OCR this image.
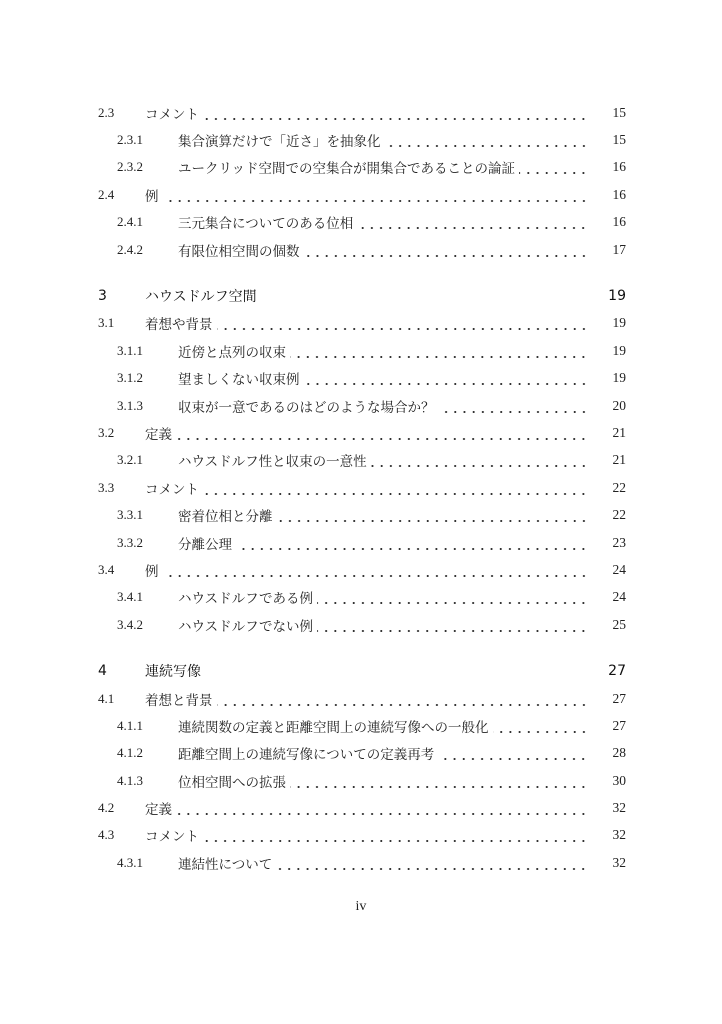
2.3	コメント	15
2.3.1	集合演算だけで「近さ」を抽象化	15
2.3.2	ユークリッド空間での空集合が開集合であることの論証	16
2.4	例	16
2.4.1	三元集合についてのある位相	16
2.4.2	有限位相空間の個数	17
3	ハウスドルフ空間	19
3.1	着想や背景	19
3.1.1	近傍と点列の収束	19
3.1.2	望ましくない収束例	19
3.1.3	収束が一意であるのはどのような場合か？	20
3.2	定義	21
3.2.1	ハウスドルフ性と収束の一意性	21
3.3	コメント	22
3.3.1	密着位相と分離	22
3.3.2	分離公理	23
3.4	例	24
3.4.1	ハウスドルフである例	24
3.4.2	ハウスドルフでない例	25
4	連続写像	27
4.1	着想と背景	27
4.1.1	連続関数の定義と距離空間上の連続写像への一般化	27
4.1.2	距離空間上の連続写像についての定義再考	28
4.1.3	位相空間への拡張	30
4.2	定義	32
4.3	コメント	32
4.3.1	連結性について	32
iv
